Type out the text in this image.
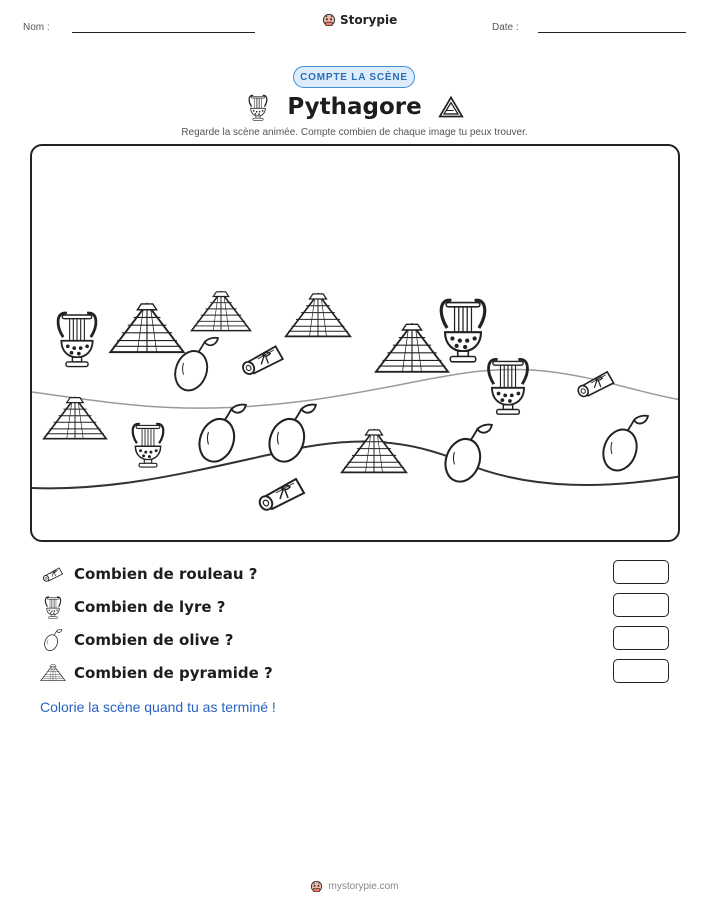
Nom :
Storypie
Date :
COMPTE LA SCÈNE
Pythagore
Regarde la scène animée. Compte combien de chaque image tu peux trouver.
Combien de rouleau ?
Combien de lyre ?
Combien de olive ?
Combien de pyramide ?
Colorie la scène quand tu as terminé !
mystorypie.com
